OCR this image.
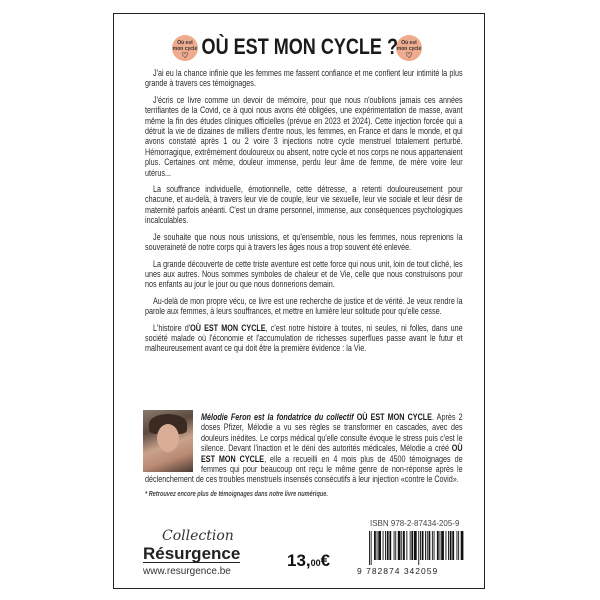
Où est
mon cycle
♡
Où est
mon cycle
♡
OÙ EST MON CYCLE ?

J'ai eu la chance infinie que les femmes me fassent confiance et me confient leur intimité la plus grande à travers ces témoignages.

J'écris ce livre comme un devoir de mémoire, pour que nous n'oublions jamais ces années terrifiantes de la Covid, ce à quoi nous avons été obligées, une expérimentation de masse, avant même la fin des études cliniques officielles (prévue en 2023 et 2024). Cette injection forcée qui a détruit la vie de dizaines de milliers d'entre nous, les femmes, en France et dans le monde, et qui avons constaté après 1 ou 2 voire 3 injections notre cycle menstruel totalement perturbé. Hémorragique, extrêmement douloureux ou absent, notre cycle et nos corps ne nous appartenaient plus. Certaines ont même, douleur immense, perdu leur âme de femme, de mère voire leur utérus...

La souffrance individuelle, émotionnelle, cette détresse, a retenti douloureusement pour chacune, et au-delà, à travers leur vie de couple, leur vie sexuelle, leur vie sociale et leur désir de maternité parfois anéanti. C'est un drame personnel, immense, aux conséquences psychologiques incalculables.

Je souhaite que nous nous unissions, et qu'ensemble, nous les femmes, nous reprenions la souveraineté de notre corps qui à travers les âges nous a trop souvent été enlevée.

La grande découverte de cette triste aventure est cette force qui nous unit, loin de tout cliché, les unes aux autres. Nous sommes symboles de chaleur et de Vie, celle que nous construisons pour nos enfants au jour le jour ou que nous donnerions demain.

Au-delà de mon propre vécu, ce livre est une recherche de justice et de vérité. Je veux rendre la parole aux femmes, à leurs souffrances, et mettre en lumière leur solitude pour qu'elle cesse.

L'histoire d'OÙ EST MON CYCLE, c'est notre histoire à toutes, ni seules, ni folles, dans une société malade où l'économie et l'accumulation de richesses superflues passe avant le futur et malheureusement avant ce qui doit être la première évidence : la Vie.

Mélodie Feron est la fondatrice du collectif OÙ EST MON CYCLE. Après 2 doses Pfizer, Mélodie a vu ses règles se transformer en cascades, avec des douleurs inédites. Le corps médical qu'elle consulte évoque le stress puis c'est le silence. Devant l'inaction et le déni des autorités médicales, Mélodie a créé OÙ EST MON CYCLE, elle a recueilli en 4 mois plus de 4500 témoignages de femmes qui pour beaucoup ont reçu le même genre de non-réponse après le déclenchement de ces troubles menstruels insensés consécutifs à leur injection «contre le Covid».

* Retrouvez encore plus de témoignages dans notre livre numérique.
ISBN 978-2-87434-205-9
9 782874 342059
Collection
Résurgence
www.resurgence.be
13,00€
